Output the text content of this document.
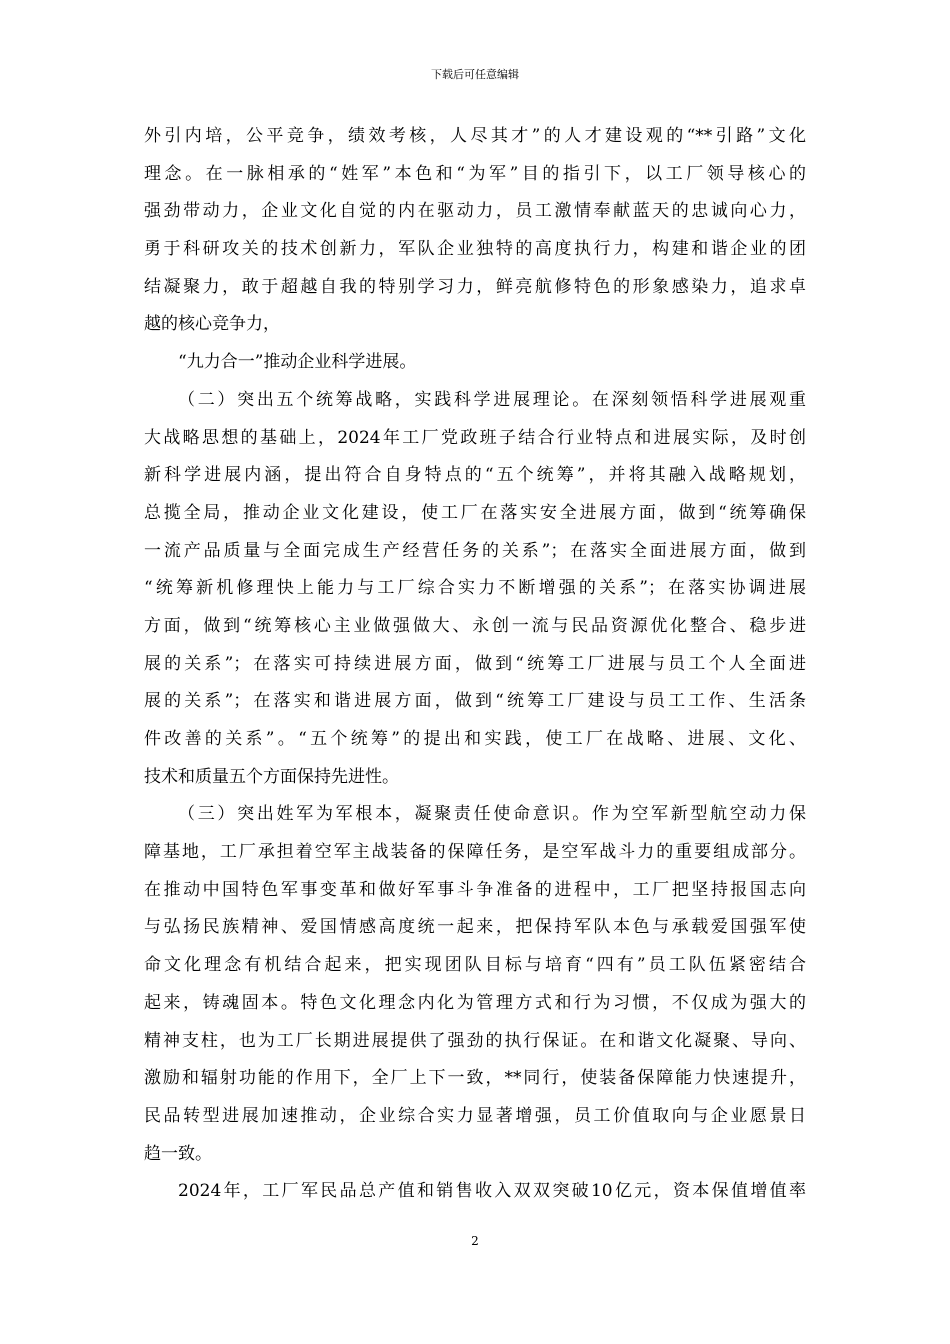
下载后可任意编辑
外引内培，公平竞争，绩效考核，人尽其才”的人才建设观的“**引路”文化
理念。在一脉相承的“姓军”本色和“为军”目的指引下，以工厂领导核心的
强劲带动力，企业文化自觉的内在驱动力，员工激情奉献蓝天的忠诚向心力，
勇于科研攻关的技术创新力，军队企业独特的高度执行力，构建和谐企业的团
结凝聚力，敢于超越自我的特别学习力，鲜亮航修特色的形象感染力，追求卓
越的核心竞争力，
“九力合一”推动企业科学进展。
（二）突出五个统筹战略，实践科学进展理论。在深刻领悟科学进展观重
大战略思想的基础上，2024年工厂党政班子结合行业特点和进展实际，及时创
新科学进展内涵，提出符合自身特点的“五个统筹”，并将其融入战略规划，
总揽全局，推动企业文化建设，使工厂在落实安全进展方面，做到“统筹确保
一流产品质量与全面完成生产经营任务的关系”；在落实全面进展方面，做到
“统筹新机修理快上能力与工厂综合实力不断增强的关系”；在落实协调进展
方面，做到“统筹核心主业做强做大、永创一流与民品资源优化整合、稳步进
展的关系”；在落实可持续进展方面，做到“统筹工厂进展与员工个人全面进
展的关系”；在落实和谐进展方面，做到“统筹工厂建设与员工工作、生活条
件改善的关系”。“五个统筹”的提出和实践，使工厂在战略、进展、文化、
技术和质量五个方面保持先进性。
（三）突出姓军为军根本，凝聚责任使命意识。作为空军新型航空动力保
障基地，工厂承担着空军主战装备的保障任务，是空军战斗力的重要组成部分。
在推动中国特色军事变革和做好军事斗争准备的进程中，工厂把坚持报国志向
与弘扬民族精神、爱国情感高度统一起来，把保持军队本色与承载爱国强军使
命文化理念有机结合起来，把实现团队目标与培育“四有”员工队伍紧密结合
起来，铸魂固本。特色文化理念内化为管理方式和行为习惯，不仅成为强大的
精神支柱，也为工厂长期进展提供了强劲的执行保证。在和谐文化凝聚、导向、
激励和辐射功能的作用下，全厂上下一致，**同行，使装备保障能力快速提升，
民品转型进展加速推动，企业综合实力显著增强，员工价值取向与企业愿景日
趋一致。
2024年，工厂军民品总产值和销售收入双双突破10亿元，资本保值增值率
2
